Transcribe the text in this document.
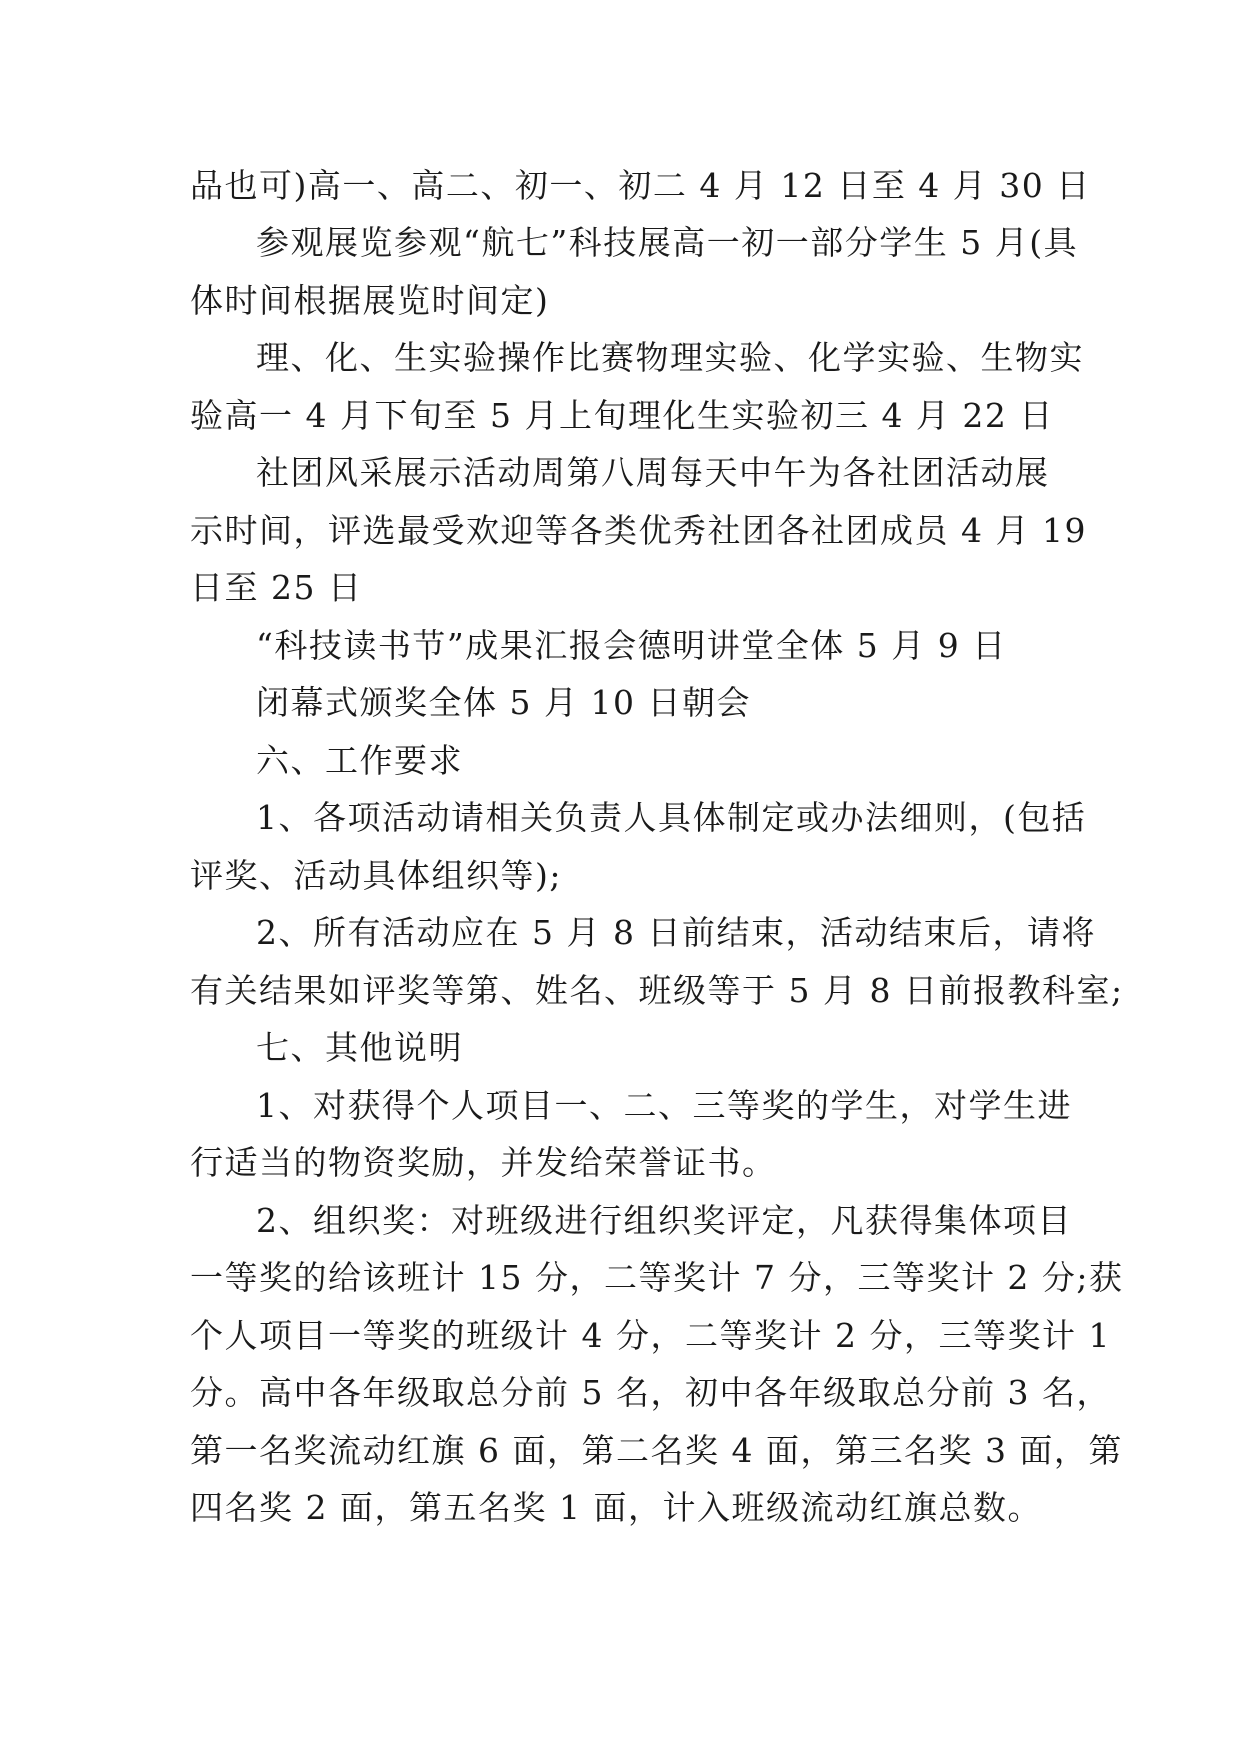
品也可)高一、高二、初一、初二 4 月 12 日至 4 月 30 日
参观展览参观“航七”科技展高一初一部分学生 5 月(具
体时间根据展览时间定)
理、化、生实验操作比赛物理实验、化学实验、生物实
验高一 4 月下旬至 5 月上旬理化生实验初三 4 月 22 日
社团风采展示活动周第八周每天中午为各社团活动展
示时间，评选最受欢迎等各类优秀社团各社团成员 4 月 19
日至 25 日
“科技读书节”成果汇报会德明讲堂全体 5 月 9 日
闭幕式颁奖全体 5 月 10 日朝会
六、工作要求
1、各项活动请相关负责人具体制定或办法细则，(包括
评奖、活动具体组织等);
2、所有活动应在 5 月 8 日前结束，活动结束后，请将
有关结果如评奖等第、姓名、班级等于 5 月 8 日前报教科室;
七、其他说明
1、对获得个人项目一、二、三等奖的学生，对学生进
行适当的物资奖励，并发给荣誉证书。
2、组织奖：对班级进行组织奖评定，凡获得集体项目
一等奖的给该班计 15 分，二等奖计 7 分，三等奖计 2 分;获
个人项目一等奖的班级计 4 分，二等奖计 2 分，三等奖计 1
分。高中各年级取总分前 5 名，初中各年级取总分前 3 名，
第一名奖流动红旗 6 面，第二名奖 4 面，第三名奖 3 面，第
四名奖 2 面，第五名奖 1 面，计入班级流动红旗总数。
